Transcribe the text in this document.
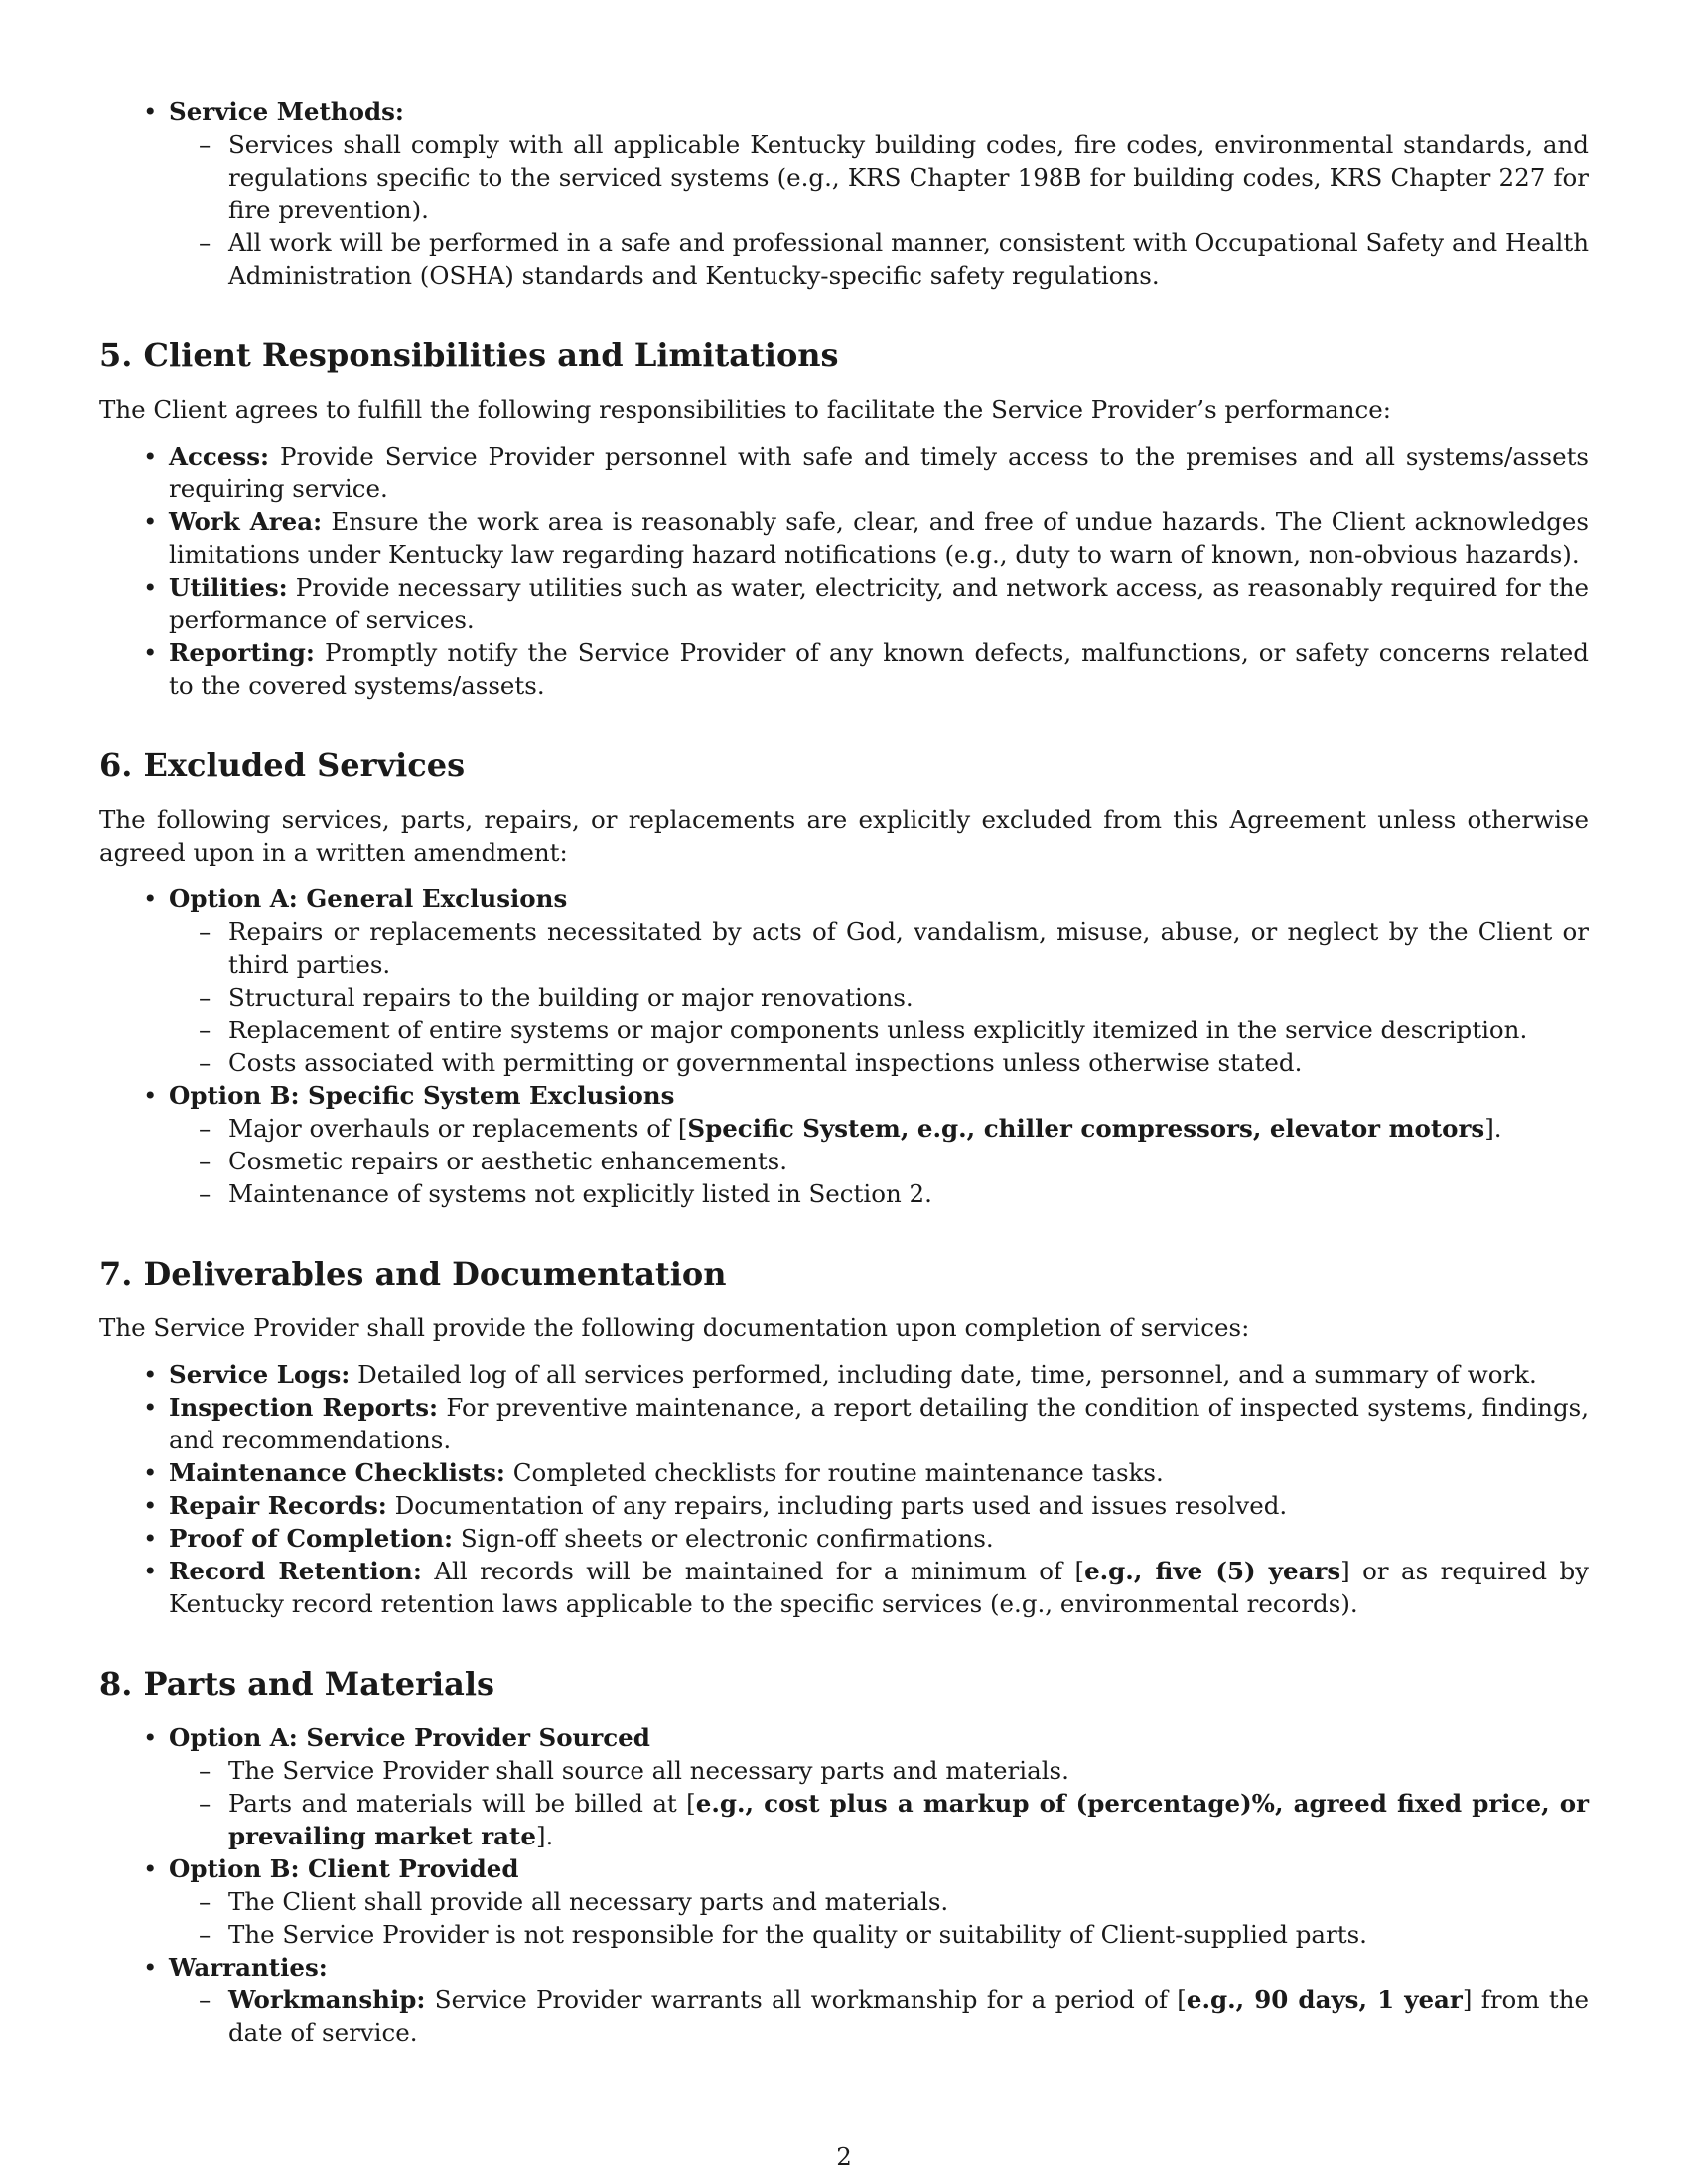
• Service Methods:
– Services shall comply with all applicable Kentucky building codes, fire codes, environmental standards, and regulations specific to the serviced systems (e.g., KRS Chapter 198B for building codes, KRS Chapter 227 for fire prevention).
– All work will be performed in a safe and professional manner, consistent with Occupational Safety and Health Administration (OSHA) standards and Kentucky-specific safety regulations.
5. Client Responsibilities and Limitations

The Client agrees to fulfill the following responsibilities to facilitate the Service Provider’s performance:

• Access: Provide Service Provider personnel with safe and timely access to the premises and all systems/assets requiring service.
• Work Area: Ensure the work area is reasonably safe, clear, and free of undue hazards. The Client acknowledges limitations under Kentucky law regarding hazard notifications (e.g., duty to warn of known, non-obvious hazards).
• Utilities: Provide necessary utilities such as water, electricity, and network access, as reasonably required for the performance of services.
• Reporting: Promptly notify the Service Provider of any known defects, malfunctions, or safety concerns related to the covered systems/assets.
6. Excluded Services

The following services, parts, repairs, or replacements are explicitly excluded from this Agreement unless otherwise agreed upon in a written amendment:

• Option A: General Exclusions
– Repairs or replacements necessitated by acts of God, vandalism, misuse, abuse, or neglect by the Client or third parties.
– Structural repairs to the building or major renovations.
– Replacement of entire systems or major components unless explicitly itemized in the service description.
– Costs associated with permitting or governmental inspections unless otherwise stated.
• Option B: Specific System Exclusions
– Major overhauls or replacements of [Specific System, e.g., chiller compressors, elevator motors].
– Cosmetic repairs or aesthetic enhancements.
– Maintenance of systems not explicitly listed in Section 2.
7. Deliverables and Documentation

The Service Provider shall provide the following documentation upon completion of services:

• Service Logs: Detailed log of all services performed, including date, time, personnel, and a summary of work.
• Inspection Reports: For preventive maintenance, a report detailing the condition of inspected systems, findings, and recommendations.
• Maintenance Checklists: Completed checklists for routine maintenance tasks.
• Repair Records: Documentation of any repairs, including parts used and issues resolved.
• Proof of Completion: Sign-off sheets or electronic confirmations.
• Record Retention: All records will be maintained for a minimum of [e.g., five (5) years] or as required by Kentucky record retention laws applicable to the specific services (e.g., environmental records).
8. Parts and Materials
• Option A: Service Provider Sourced
– The Service Provider shall source all necessary parts and materials.
– Parts and materials will be billed at [e.g., cost plus a markup of (percentage)%, agreed fixed price, or prevailing market rate].
• Option B: Client Provided
– The Client shall provide all necessary parts and materials.
– The Service Provider is not responsible for the quality or suitability of Client-supplied parts.
• Warranties:
– Workmanship: Service Provider warrants all workmanship for a period of [e.g., 90 days, 1 year] from the date of service.
2
